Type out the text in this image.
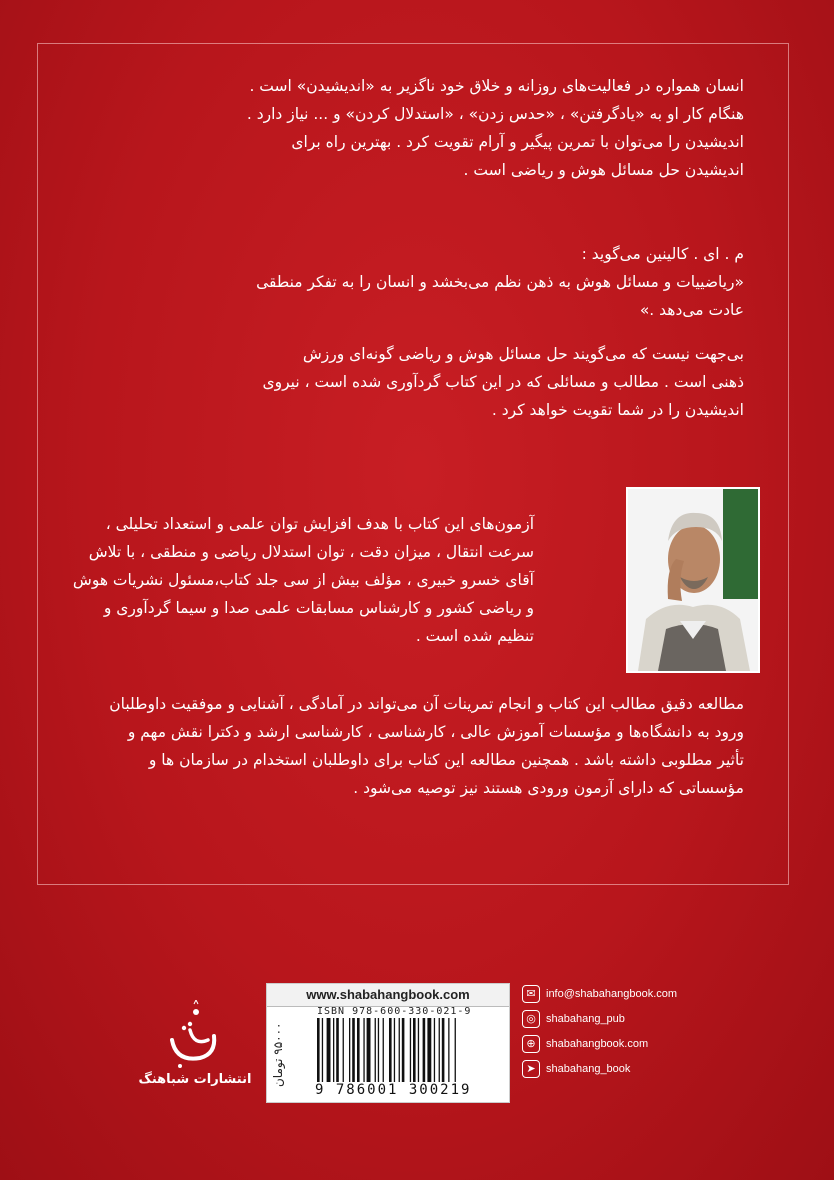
انسان همواره در فعالیت‌های روزانه و خلاق خود ناگزیر به «اندیشیدن» است .
هنگام کار او به «یادگرفتن» ، «حدس زدن» ، «استدلال کردن» و ... نیاز دارد .
اندیشیدن را می‌توان با تمرین پیگیر و آرام تقویت کرد . بهترین راه برای
اندیشیدن حل مسائل هوش و ریاضی است .
م . ای . کالینین می‌گوید :
«ریاضییات و مسائل هوش به ذهن نظم می‌بخشد و انسان را به تفکر منطقی
عادت می‌دهد .»
بی‌جهت نیست که می‌گویند حل مسائل هوش و ریاضی گونه‌ای ورزش
ذهنی است . مطالب و مسائلی که در این کتاب گردآوری شده است ، نیروی
اندیشیدن را در شما تقویت خواهد کرد .
آزمون‌های این کتاب با هدف افزایش توان علمی و استعداد تحلیلی ،
سرعت انتقال ، میزان دقت ، توان استدلال ریاضی و منطقی ، با تلاش
آقای خسرو خبیری ، مؤلف بیش از سی جلد کتاب،مسئول نشریات هوش
و ریاضی کشور و کارشناس مسابقات علمی صدا و سیما گردآوری و
تنظیم شده است .
مطالعه دقیق مطالب این کتاب و انجام تمرینات آن می‌تواند در آمادگی ، آشنایی و موفقیت داوطلبان
ورود به دانشگاه‌ها و مؤسسات آموزش عالی ، کارشناسی ، کارشناسی ارشد و دکترا نقش مهم و
تأثیر مطلوبی داشته باشد . همچنین مطالعه این کتاب برای داوطلبان استخدام در سازمان ها و
مؤسساتی که دارای آزمون ورودی هستند نیز توصیه می‌شود .
انتشارات شباهنگ
www.shabahangbook.com
۹۵۰۰۰ تومان
ISBN 978-600-330-021-9
9 786001 300219
✉ info@shabahangbook.com
◎ shabahang_pub
⊕ shabahangbook.com
➤ shabahang_book
